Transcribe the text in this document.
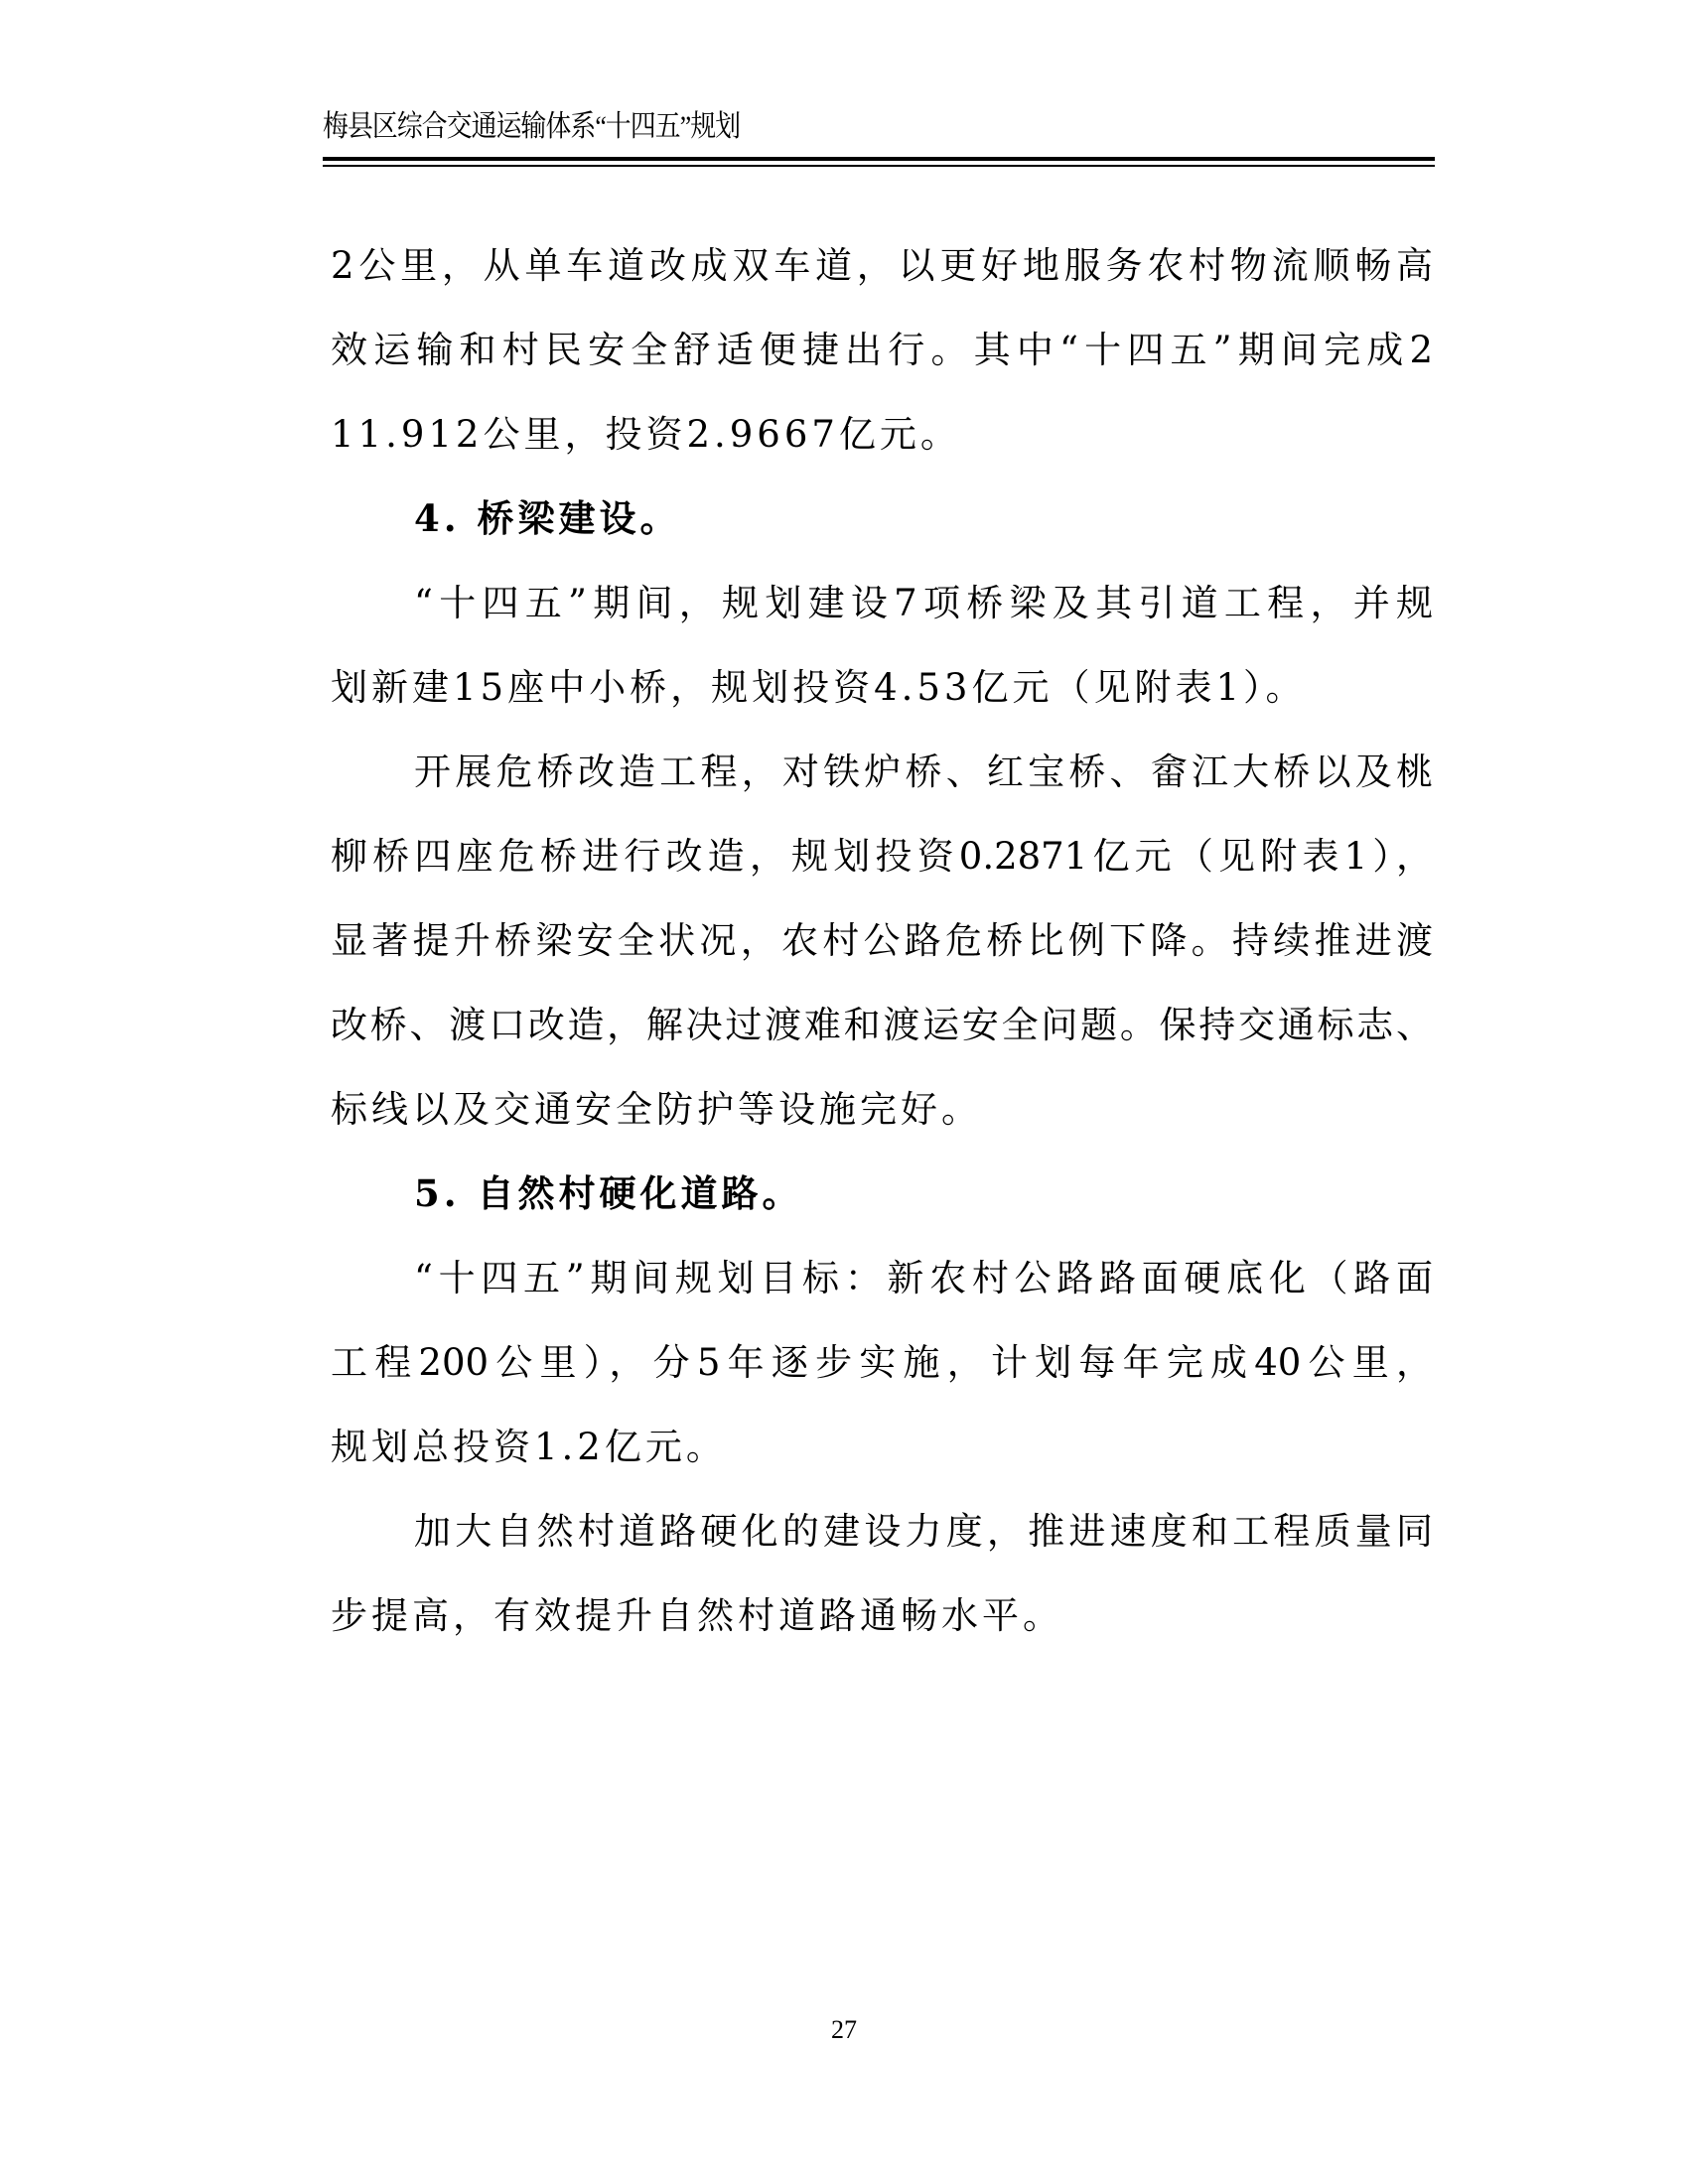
梅县区综合交通运输体系“十四五”规划
2公里，从单车道改成双车道，以更好地服务农村物流顺畅高
效运输和村民安全舒适便捷出行。其中“十四五”期间完成2
11.912公里，投资2.9667亿元。
4. 桥梁建设。
“十四五”期间，规划建设7项桥梁及其引道工程，并规
划新建15座中小桥，规划投资4.53亿元（见附表1）。
开展危桥改造工程，对铁炉桥、红宝桥、畲江大桥以及桃
柳桥四座危桥进行改造，规划投资0.2871亿元（见附表1），
显著提升桥梁安全状况，农村公路危桥比例下降。持续推进渡
改桥、渡口改造，解决过渡难和渡运安全问题。保持交通标志、
标线以及交通安全防护等设施完好。
5. 自然村硬化道路。
“十四五”期间规划目标：新农村公路路面硬底化（路面
工程200公里），分5年逐步实施，计划每年完成40公里，
规划总投资1.2亿元。
加大自然村道路硬化的建设力度，推进速度和工程质量同
步提高，有效提升自然村道路通畅水平。
27
